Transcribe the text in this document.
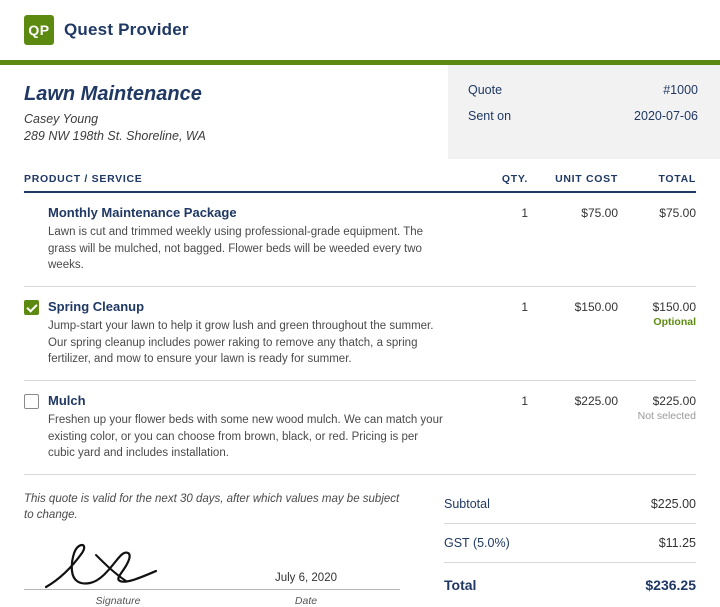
QP Quest Provider
Lawn Maintenance
Casey Young
289 NW 198th St. Shoreline, WA
Quote	#1000
Sent on	2020-07-06
PRODUCT / SERVICE	QTY.	UNIT COST	TOTAL
Monthly Maintenance Package
Lawn is cut and trimmed weekly using professional-grade equipment. The grass will be mulched, not bagged. Flower beds will be weeded every two weeks.
1	$75.00	$75.00
Spring Cleanup
Jump-start your lawn to help it grow lush and green throughout the summer. Our spring cleanup includes power raking to remove any thatch, a spring fertilizer, and mow to ensure your lawn is ready for summer.
1	$150.00	$150.00
Optional
Mulch
Freshen up your flower beds with some new wood mulch. We can match your existing color, or you can choose from brown, black, or red. Pricing is per cubic yard and includes installation.
1	$225.00	$225.00
Not selected

This quote is valid for the next 30 days, after which values may be subject to change.

Signature
July 6, 2020
Date
Subtotal	$225.00
GST (5.0%)	$11.25
Total	$236.25
